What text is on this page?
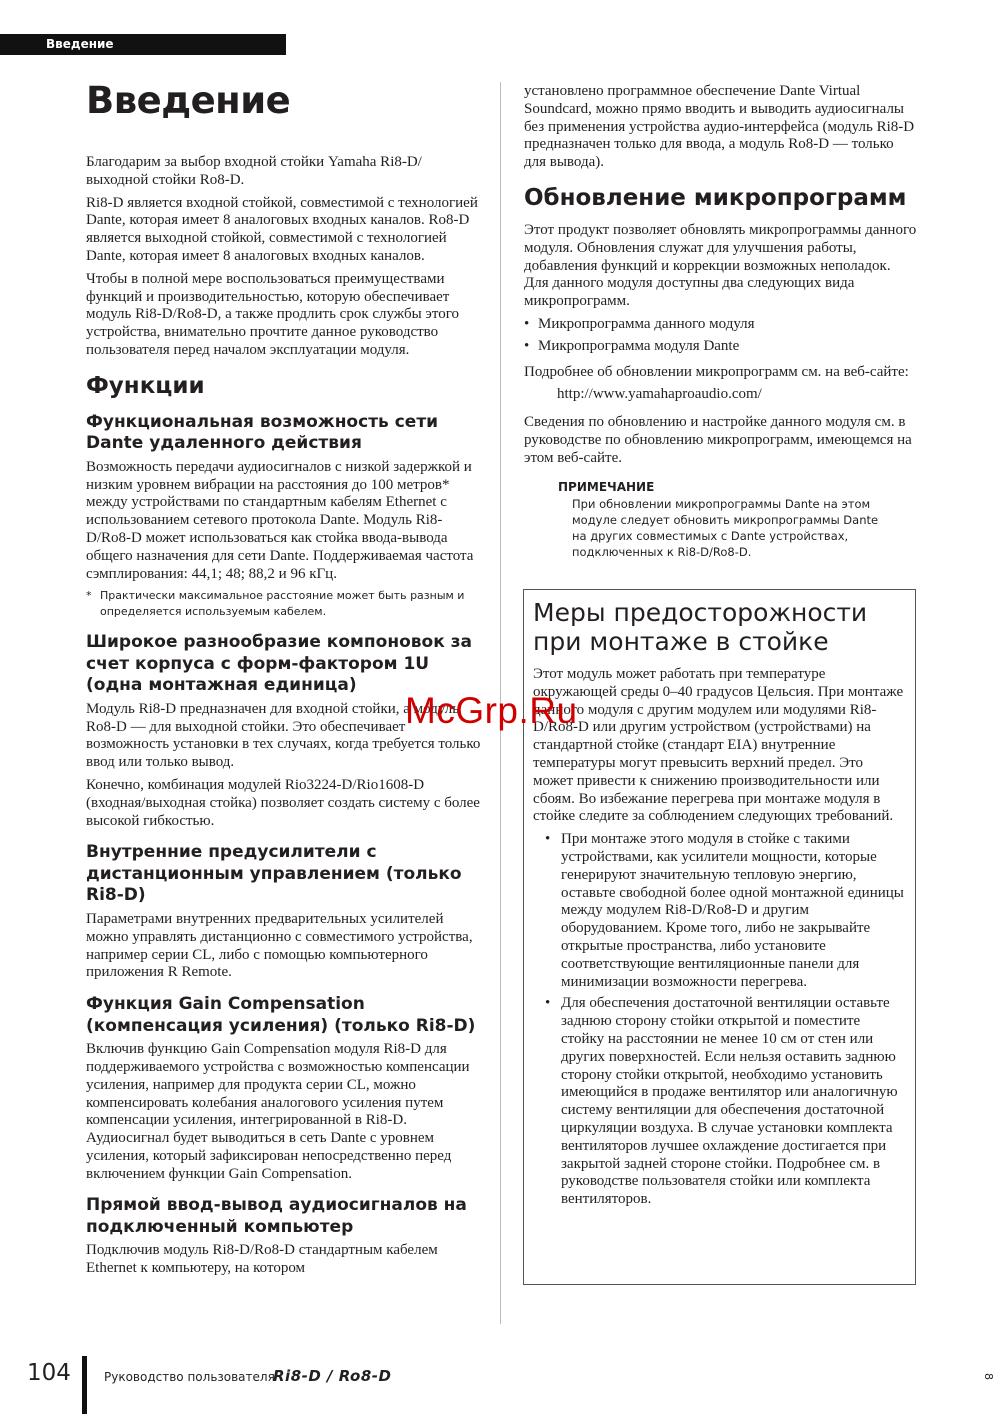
Введение
Введение

Благодарим за выбор входной стойки Yamaha Ri8-D/ выходной стойки Ro8-D.

Ri8-D является входной стойкой, совместимой с технологией Dante, которая имеет 8 аналоговых входных каналов. Ro8-D является выходной стойкой, совместимой с технологией Dante, которая имеет 8 аналоговых входных каналов.

Чтобы в полной мере воспользоваться преимуществами функций и производительностью, которую обеспечивает модуль Ri8-D/Ro8-D, а также продлить срок службы этого устройства, внимательно прочтите данное руководство пользователя перед началом эксплуатации модуля.

Функции
Функциональная возможность сети Dante удаленного действия

Возможность передачи аудиосигналов с низкой задержкой и низким уровнем вибрации на расстояния до 100 метров* между устройствами по стандартным кабелям Ethernet с использованием сетевого протокола Dante. Модуль Ri8-D/Ro8-D может использоваться как стойка ввода-вывода общего назначения для сети Dante. Поддерживаемая частота сэмплирования: 44,1; 48; 88,2 и 96 кГц.

* Практически максимальное расстояние может быть разным и определяется используемым кабелем.
Широкое разнообразие компоновок за счет корпуса с форм-фактором 1U (одна монтажная единица)

Модуль Ri8-D предназначен для входной стойки, а модуль Ro8-D — для выходной стойки. Это обеспечивает возможность установки в тех случаях, когда требуется только ввод или только вывод.

Конечно, комбинация модулей Rio3224-D/Rio1608-D (входная/выходная стойка) позволяет создать систему с более высокой гибкостью.

Внутренние предусилители с дистанционным управлением (только Ri8-D)

Параметрами внутренних предварительных усилителей можно управлять дистанционно с совместимого устройства, например серии CL, либо с помощью компьютерного приложения R Remote.

Функция Gain Compensation (компенсация усиления) (только Ri8-D)

Включив функцию Gain Compensation модуля Ri8-D для поддерживаемого устройства с возможностью компенсации усиления, например для продукта серии CL, можно компенсировать колебания аналогового усиления путем компенсации усиления, интегрированной в Ri8-D. Аудиосигнал будет выводиться в сеть Dante с уровнем усиления, который зафиксирован непосредственно перед включением функции Gain Compensation.

Прямой ввод-вывод аудиосигналов на подключенный компьютер

Подключив модуль Ri8-D/Ro8-D стандартным кабелем Ethernet к компьютеру, на котором

установлено программное обеспечение Dante Virtual Soundcard, можно прямо вводить и выводить аудиосигналы без применения устройства аудио-интерфейса (модуль Ri8-D предназначен только для ввода, а модуль Ro8-D — только для вывода).

Обновление микропрограмм

Этот продукт позволяет обновлять микропрограммы данного модуля. Обновления служат для улучшения работы, добавления функций и коррекции возможных неполадок. Для данного модуля доступны два следующих вида микропрограмм.

• Микропрограмма данного модуля
• Микропрограмма модуля Dante

Подробнее об обновлении микропрограмм см. на веб-сайте:

http://www.yamahaproaudio.com/

Сведения по обновлению и настройке данного модуля см. в руководстве по обновлению микропрограмм, имеющемся на этом веб-сайте.

ПРИМЕЧАНИЕ
При обновлении микропрограммы Dante на этом модуле следует обновить микропрограммы Dante на других совместимых с Dante устройствах, подключенных к Ri8-D/Ro8-D.
Меры предосторожности при монтаже в стойке

Этот модуль может работать при температуре окружающей среды 0–40 градусов Цельсия. При монтаже данного модуля с другим модулем или модулями Ri8-D/Ro8-D или другим устройством (устройствами) на стандартной стойке (стандарт EIA) внутренние температуры могут превысить верхний предел. Это может привести к снижению производительности или сбоям. Во избежание перегрева при монтаже модуля в стойке следите за соблюдением следующих требований.

• При монтаже этого модуля в стойке с такими устройствами, как усилители мощности, которые генерируют значительную тепловую энергию, оставьте свободной более одной монтажной единицы между модулем Ri8-D/Ro8-D и другим оборудованием. Кроме того, либо не закрывайте открытые пространства, либо установите соответствующие вентиляционные панели для минимизации возможности перегрева.
• Для обеспечения достаточной вентиляции оставьте заднюю сторону стойки открытой и поместите стойку на расстоянии не менее 10 см от стен или других поверхностей. Если нельзя оставить заднюю сторону стойки открытой, необходимо установить имеющийся в продаже вентилятор или аналогичную систему вентиляции для обеспечения достаточной циркуляции воздуха. В случае установки комплекта вентиляторов лучшее охлаждение достигается при закрытой задней стороне стойки. Подробнее см. в руководстве пользователя стойки или комплекта вентиляторов.
McGrp.Ru
104	Руководство пользователя
Ri8-D / Ro8-D	8
